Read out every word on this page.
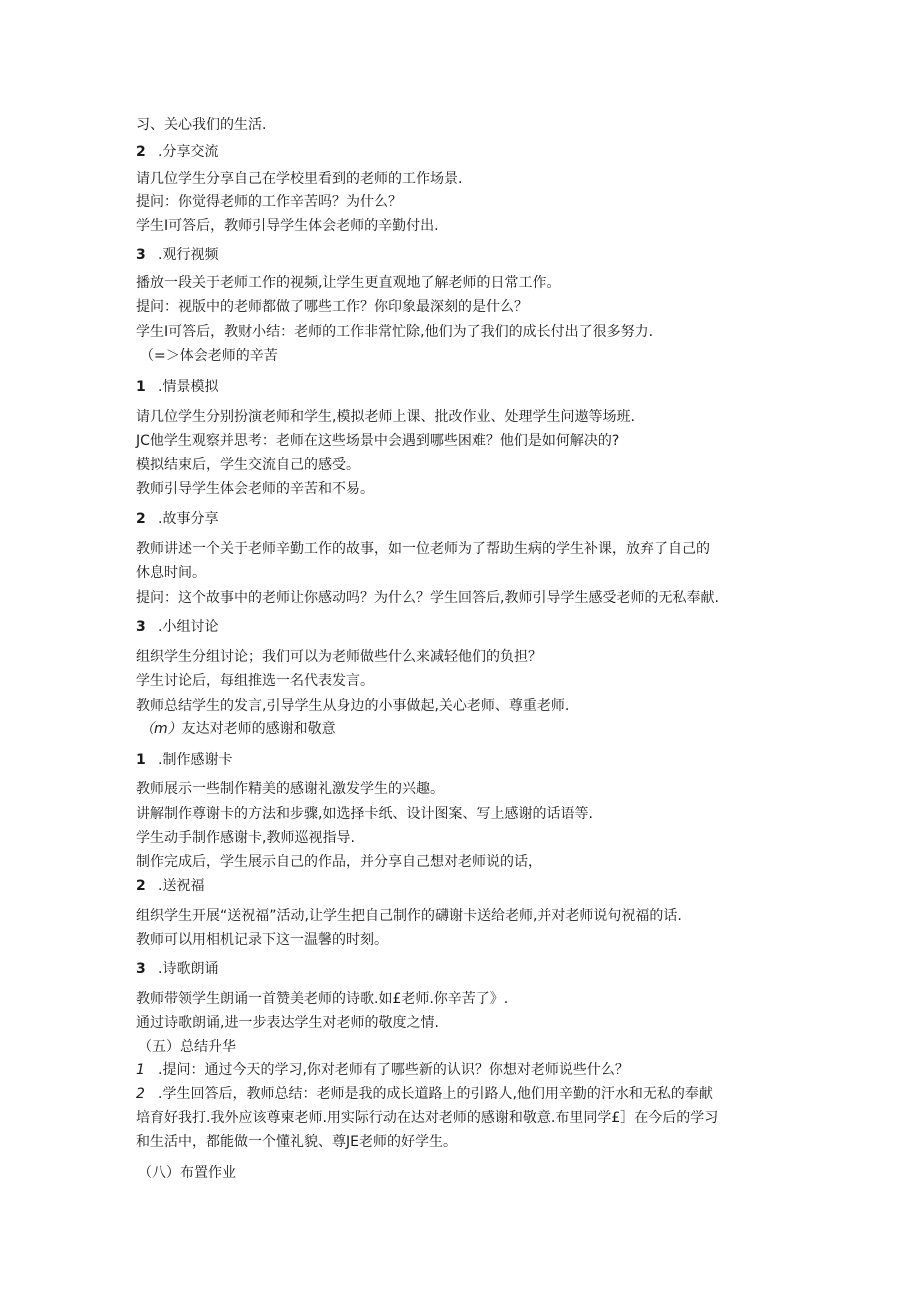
习、关心我们的生活.
2 .分享交流
请几位学生分享自己在学校里看到的老师的工作场景.
提问：你觉得老师的工作辛苦吗？为什么？
学生I可答后，教师引导学生体会老师的辛勤付出.
3 .观行视频
播放一段关于老师工作的视频,让学生更直观地了解老师的日常工作。
提问：视版中的老师都做了哪些工作？你印象最深刻的是什么？
学生I可答后，教财小结：老师的工作非常忙除,他们为了我们的成长付出了很多努力.
（=＞体会老师的辛苦
1 .情景模拟
请几位学生分别扮演老师和学生,模拟老师上课、批改作业、处理学生问遨等场班.
JC他学生观察并思考：老师在这些场景中会遇到哪些困难？他们是如何解决的?
模拟结束后，学生交流自己的感受。
教师引导学生体会老师的辛苦和不易。
2 .故事分享
教师讲述一个关于老师辛勤工作的故事，如一位老师为了帮助生病的学生补课，放弃了自己的
休息时间。
提问：这个故事中的老师让你感动吗？为什么？学生回答后,教师引导学生感受老师的无私奉献.
3 .小组讨论
组织学生分组讨论；我们可以为老师做些什么来减轻他们的负担？
学生讨论后，每组推选一名代表发言。
教师总结学生的发言,引导学生从身边的小事做起,关心老师、尊重老师.
（m）友达对老师的感谢和敬意
1 .制作感谢卡
教师展示一些制作精美的感谢礼激发学生的兴趣。
讲解制作尊谢卡的方法和步骤,如选择卡纸、设计图案、写上感谢的话语等.
学生动手制作感谢卡,教师巡视指导.
制作完成后，学生展示自己的作品，并分享自己想对老师说的话，
2 .送祝福
组织学生开展“送祝福”活动,让学生把自己制作的礴谢卡送给老师,并对老师说句祝福的话.
教师可以用相机记录下这一温馨的时刻。
3 .诗歌朗诵
教师带领学生朗诵一首赞美老师的诗歌.如£老师.你辛苦了》.
通过诗歌朗诵,进一步表达学生对老师的敬度之情.
（五）总结升华
1 .提问：通过今天的学习,你对老师有了哪些新的认识？你想对老师说些什么？
2 .学生回答后，教师总结：老师是我的成长道路上的引路人,他们用辛勤的汗水和无私的奉献
培育好我打.我外应该尊柬老师.用实际行动在达对老师的感谢和敬意.布里同学£］在今后的学习
和生活中，都能做一个懂礼貌、尊JE老师的好学生。
（八）布置作业
